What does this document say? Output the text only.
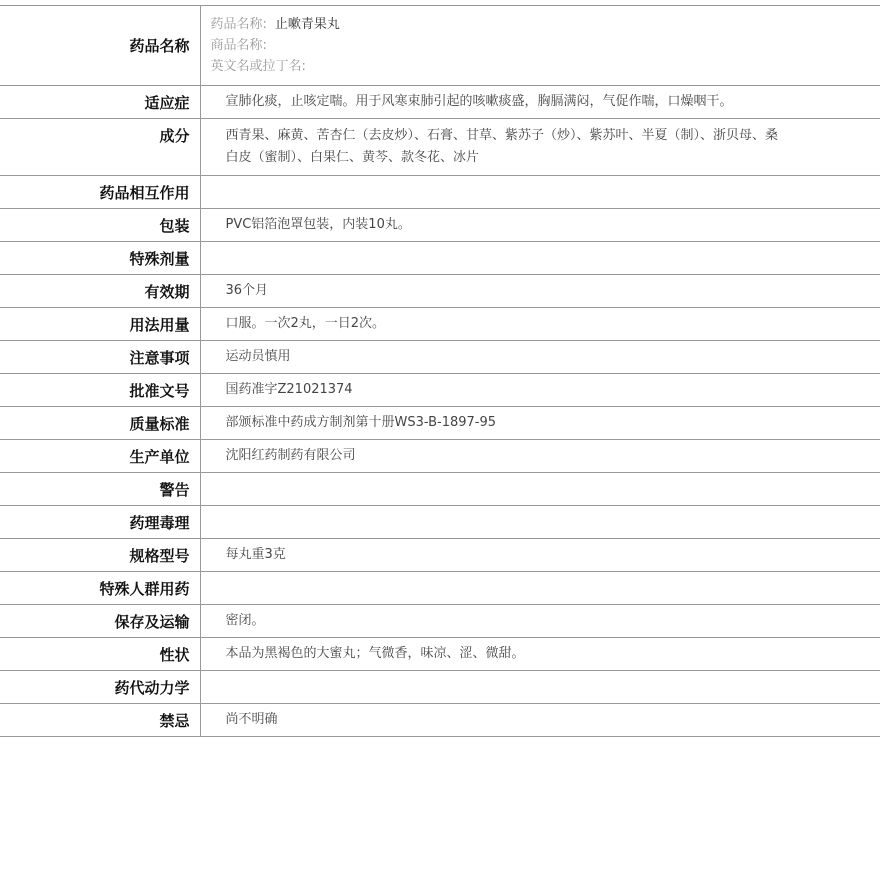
药品名称	药品名称: 止嗽青果丸
商品名称:
英文名或拉丁名:

适应症	宣肺化痰，止咳定喘。用于风寒束肺引起的咳嗽痰盛，胸膈满闷，气促作喘，口燥咽干。
成分	西青果、麻黄、苦杏仁（去皮炒）、石膏、甘草、紫苏子（炒）、紫苏叶、半夏（制）、浙贝母、桑白皮（蜜制）、白果仁、黄芩、款冬花、冰片
药品相互作用	
包装	PVC铝箔泡罩包装，内装10丸。
特殊剂量	
有效期	36个月
用法用量	口服。一次2丸，一日2次。
注意事项	运动员慎用
批准文号	国药准字Z21021374
质量标准	部颁标准中药成方制剂第十册WS3-B-1897-95
生产单位	沈阳红药制药有限公司
警告	
药理毒理	
规格型号	每丸重3克
特殊人群用药	
保存及运输	密闭。
性状	本品为黑褐色的大蜜丸；气微香，味凉、涩、微甜。
药代动力学	
禁忌	尚不明确
